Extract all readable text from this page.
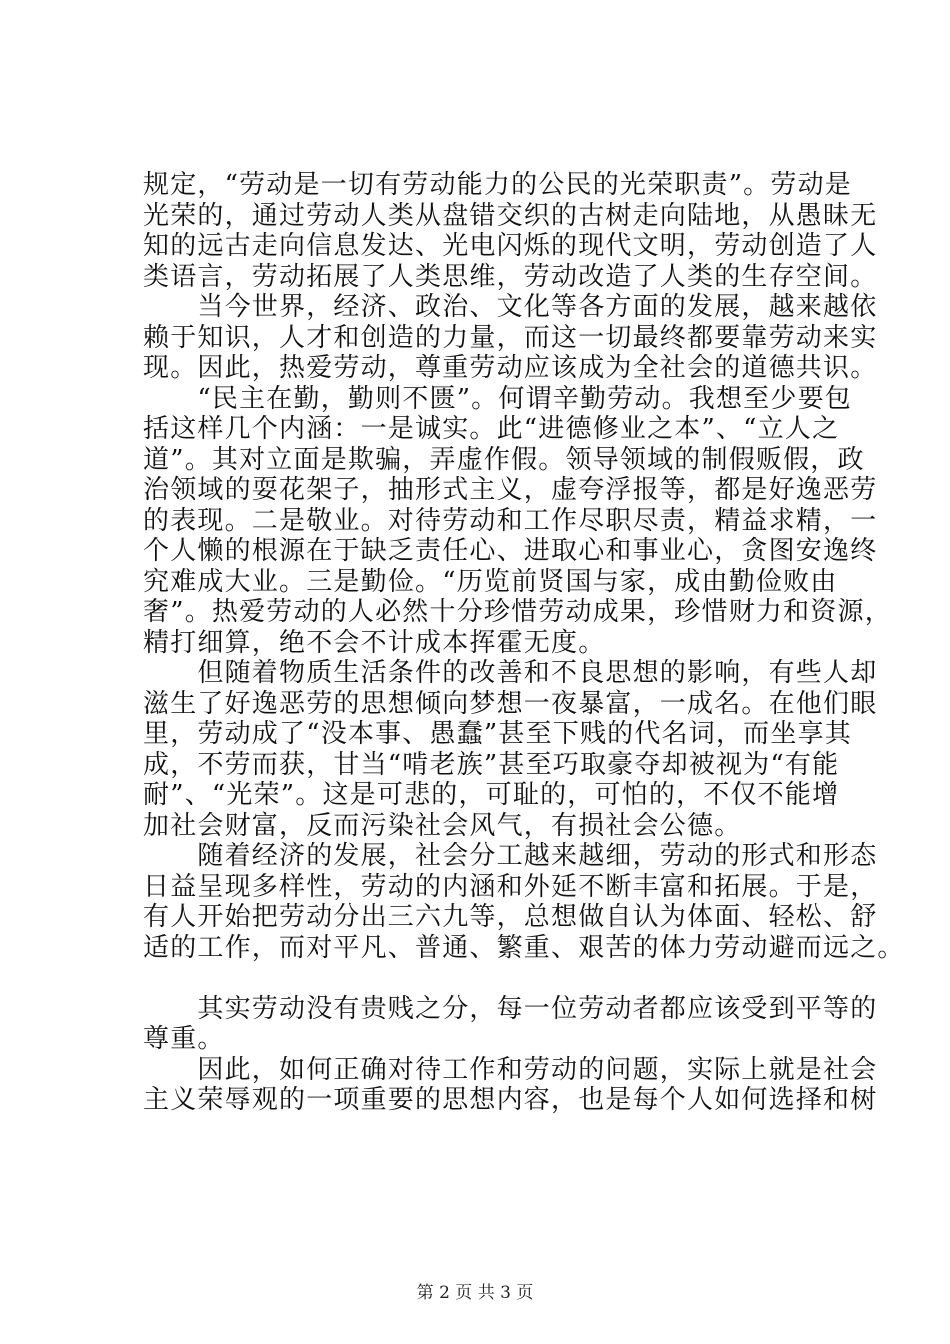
规定，“劳动是一切有劳动能力的公民的光荣职责”。劳动是
光荣的，通过劳动人类从盘错交织的古树走向陆地，从愚昧无
知的远古走向信息发达、光电闪烁的现代文明，劳动创造了人
类语言，劳动拓展了人类思维，劳动改造了人类的生存空间。
　　当今世界，经济、政治、文化等各方面的发展，越来越依
赖于知识，人才和创造的力量，而这一切最终都要靠劳动来实
现。因此，热爱劳动，尊重劳动应该成为全社会的道德共识。
　　“民主在勤，勤则不匮”。何谓辛勤劳动。我想至少要包
括这样几个内涵：一是诚实。此“进德修业之本”、“立人之
道”。其对立面是欺骗，弄虚作假。领导领域的制假贩假，政
治领域的耍花架子，抽形式主义，虚夸浮报等，都是好逸恶劳
的表现。二是敬业。对待劳动和工作尽职尽责，精益求精，一
个人懒的根源在于缺乏责任心、进取心和事业心，贪图安逸终
究难成大业。三是勤俭。“历览前贤国与家，成由勤俭败由
奢”。热爱劳动的人必然十分珍惜劳动成果，珍惜财力和资源，
精打细算，绝不会不计成本挥霍无度。
　　但随着物质生活条件的改善和不良思想的影响，有些人却
滋生了好逸恶劳的思想倾向梦想一夜暴富，一成名。在他们眼
里，劳动成了“没本事、愚蠢”甚至下贱的代名词，而坐享其
成，不劳而获，甘当“啃老族”甚至巧取豪夺却被视为“有能
耐”、“光荣”。这是可悲的，可耻的，可怕的，不仅不能增
加社会财富，反而污染社会风气，有损社会公德。
　　随着经济的发展，社会分工越来越细，劳动的形式和形态
日益呈现多样性，劳动的内涵和外延不断丰富和拓展。于是，
有人开始把劳动分出三六九等，总想做自认为体面、轻松、舒
适的工作，而对平凡、普通、繁重、艰苦的体力劳动避而远之。
　　其实劳动没有贵贱之分，每一位劳动者都应该受到平等的
尊重。
　　因此，如何正确对待工作和劳动的问题，实际上就是社会
主义荣辱观的一项重要的思想内容，也是每个人如何选择和树
第 2 页 共 3 页
